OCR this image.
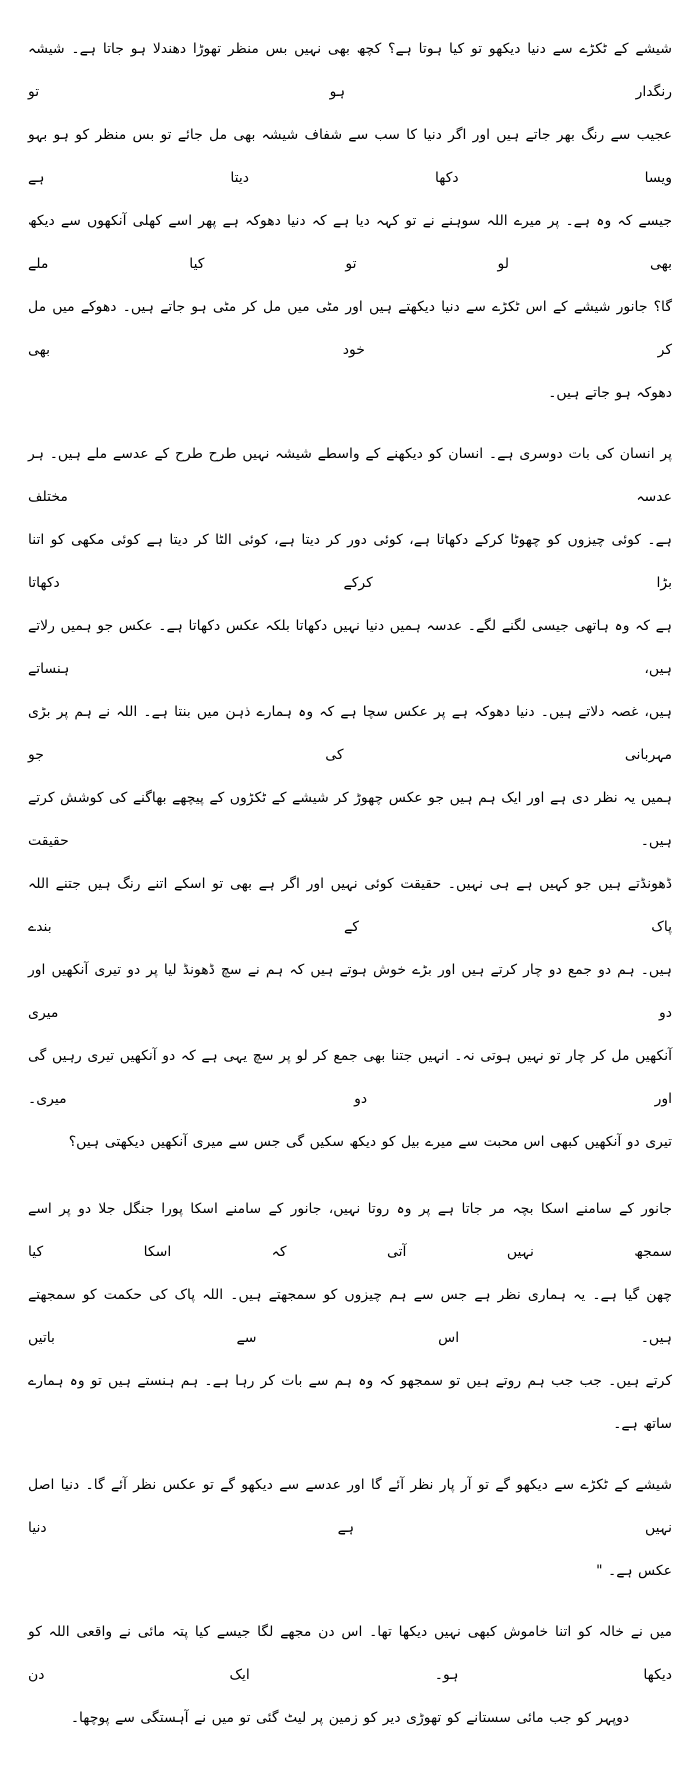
شیشے کے ٹکڑے سے دنیا دیکھو تو کیا ہوتا ہے؟ کچھ بھی نہیں بس منظر تھوڑا دھندلا ہو جاتا ہے۔ شیشہ رنگدار ہو تو
عجیب سے رنگ بھر جاتے ہیں اور اگر دنیا کا سب سے شفاف شیشہ بھی مل جائے تو بس منظر کو ہو بہو ویسا دکھا دیتا ہے
جیسے کہ وہ ہے۔ پر میرے اللہ سوہنے نے تو کہہ دیا ہے کہ دنیا دھوکہ ہے پھر اسے کھلی آنکھوں سے دیکھ بھی لو تو کیا ملے
گا؟ جانور شیشے کے اس ٹکڑے سے دنیا دیکھتے ہیں اور مٹی میں مل کر مٹی ہو جاتے ہیں۔ دھوکے میں مل کر خود بھی
دھوکہ ہو جاتے ہیں۔
پر انسان کی بات دوسری ہے۔ انسان کو دیکھنے کے واسطے شیشہ نہیں طرح طرح کے عدسے ملے ہیں۔ ہر عدسہ مختلف
ہے۔ کوئی چیزوں کو چھوٹا کرکے دکھاتا ہے، کوئی دور کر دیتا ہے، کوئی الٹا کر دیتا ہے کوئی مکھی کو اتنا بڑا کرکے دکھاتا
ہے کہ وہ ہاتھی جیسی لگنے لگے۔ عدسہ ہمیں دنیا نہیں دکھاتا بلکہ عکس دکھاتا ہے۔ عکس جو ہمیں رلاتے ہیں، ہنساتے
ہیں، غصہ دلاتے ہیں۔ دنیا دھوکہ ہے پر عکس سچا ہے کہ وہ ہمارے ذہن میں بنتا ہے۔ اللہ نے ہم پر بڑی مہربانی کی جو
ہمیں یہ نظر دی ہے اور ایک ہم ہیں جو عکس چھوڑ کر شیشے کے ٹکڑوں کے پیچھے بھاگنے کی کوشش کرتے ہیں۔ حقیقت
ڈھونڈتے ہیں جو کہیں ہے ہی نہیں۔ حقیقت کوئی نہیں اور اگر ہے بھی تو اسکے اتنے رنگ ہیں جتنے اللہ پاک کے بندے
ہیں۔ ہم دو جمع دو چار کرتے ہیں اور بڑے خوش ہوتے ہیں کہ ہم نے سچ ڈھونڈ لیا پر دو تیری آنکھیں اور دو میری
آنکھیں مل کر چار تو نہیں ہوتی نہ۔ انہیں جتنا بھی جمع کر لو پر سچ یہی ہے کہ دو آنکھیں تیری رہیں گی اور دو میری۔
تیری دو آنکھیں کبھی اس محبت سے میرے بیل کو دیکھ سکیں گی جس سے میری آنکھیں دیکھتی ہیں؟
جانور کے سامنے اسکا بچہ مر جاتا ہے پر وہ روتا نہیں، جانور کے سامنے اسکا پورا جنگل جلا دو پر اسے سمجھ نہیں آتی کہ اسکا کیا
چھن گیا ہے۔ یہ ہماری نظر ہے جس سے ہم چیزوں کو سمجھتے ہیں۔ اللہ پاک کی حکمت کو سمجھتے ہیں۔ اس سے باتیں
کرتے ہیں۔ جب جب ہم روتے ہیں تو سمجھو کہ وہ ہم سے بات کر رہا ہے۔ ہم ہنستے ہیں تو وہ ہمارے ساتھ ہے۔
شیشے کے ٹکڑے سے دیکھو گے تو آر پار نظر آئے گا اور عدسے سے دیکھو گے تو عکس نظر آئے گا۔ دنیا اصل نہیں ہے دنیا
عکس ہے۔ "
میں نے خالہ کو اتنا خاموش کبھی نہیں دیکھا تھا۔ اس دن مجھے لگا جیسے کیا پتہ مائی نے واقعی اللہ کو دیکھا ہو۔ ایک دن
دوپہر کو جب مائی سستانے کو تھوڑی دیر کو زمین پر لیٹ گئی تو میں نے آہستگی سے پوچھا۔
